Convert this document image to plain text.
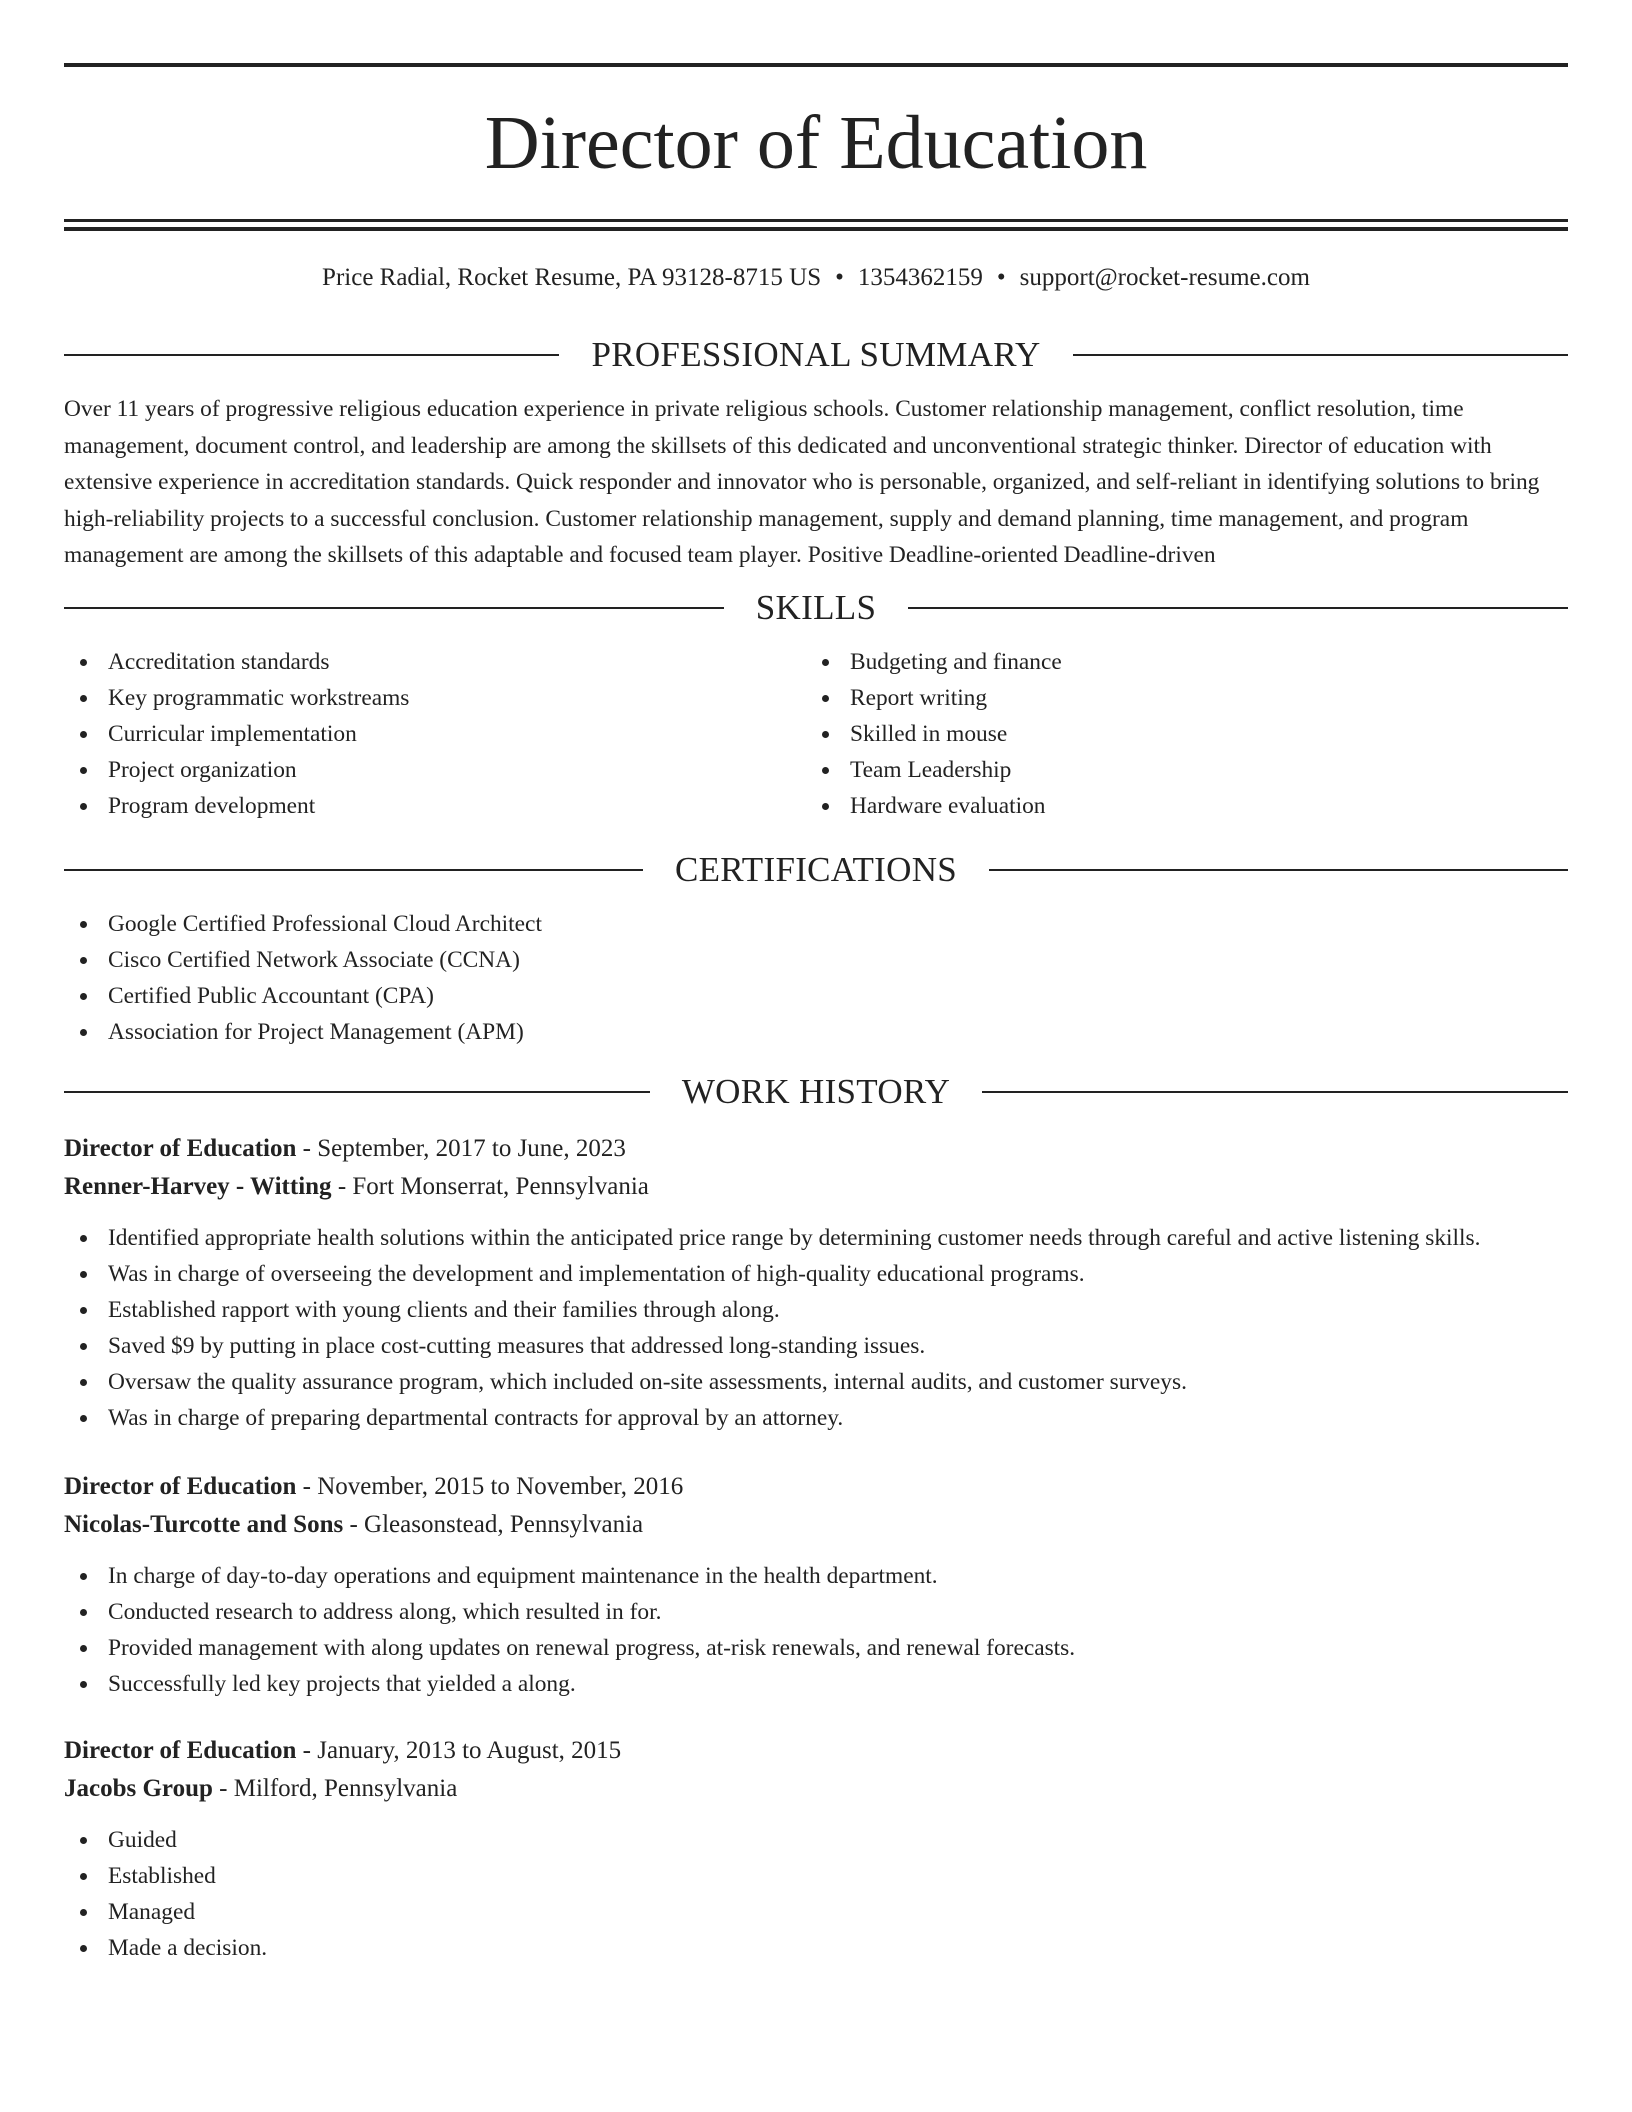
Director of Education
Price Radial, Rocket Resume, PA 93128-8715 US • 1354362159 • support@rocket-resume.com
PROFESSIONAL SUMMARY
Over 11 years of progressive religious education experience in private religious schools. Customer relationship management, conflict resolution, time management, document control, and leadership are among the skillsets of this dedicated and unconventional strategic thinker. Director of education with extensive experience in accreditation standards. Quick responder and innovator who is personable, organized, and self-reliant in identifying solutions to bring high-reliability projects to a successful conclusion. Customer relationship management, supply and demand planning, time management, and program management are among the skillsets of this adaptable and focused team player. Positive Deadline-oriented Deadline-driven
SKILLS
Accreditation standards
Key programmatic workstreams
Curricular implementation
Project organization
Program development
Budgeting and finance
Report writing
Skilled in mouse
Team Leadership
Hardware evaluation
CERTIFICATIONS
Google Certified Professional Cloud Architect
Cisco Certified Network Associate (CCNA)
Certified Public Accountant (CPA)
Association for Project Management (APM)
WORK HISTORY
Director of Education - September, 2017 to June, 2023
Renner-Harvey - Witting - Fort Monserrat, Pennsylvania
Identified appropriate health solutions within the anticipated price range by determining customer needs through careful and active listening skills.
Was in charge of overseeing the development and implementation of high-quality educational programs.
Established rapport with young clients and their families through along.
Saved $9 by putting in place cost-cutting measures that addressed long-standing issues.
Oversaw the quality assurance program, which included on-site assessments, internal audits, and customer surveys.
Was in charge of preparing departmental contracts for approval by an attorney.
Director of Education - November, 2015 to November, 2016
Nicolas-Turcotte and Sons - Gleasonstead, Pennsylvania
In charge of day-to-day operations and equipment maintenance in the health department.
Conducted research to address along, which resulted in for.
Provided management with along updates on renewal progress, at-risk renewals, and renewal forecasts.
Successfully led key projects that yielded a along.
Director of Education - January, 2013 to August, 2015
Jacobs Group - Milford, Pennsylvania
Guided
Established
Managed
Made a decision.
